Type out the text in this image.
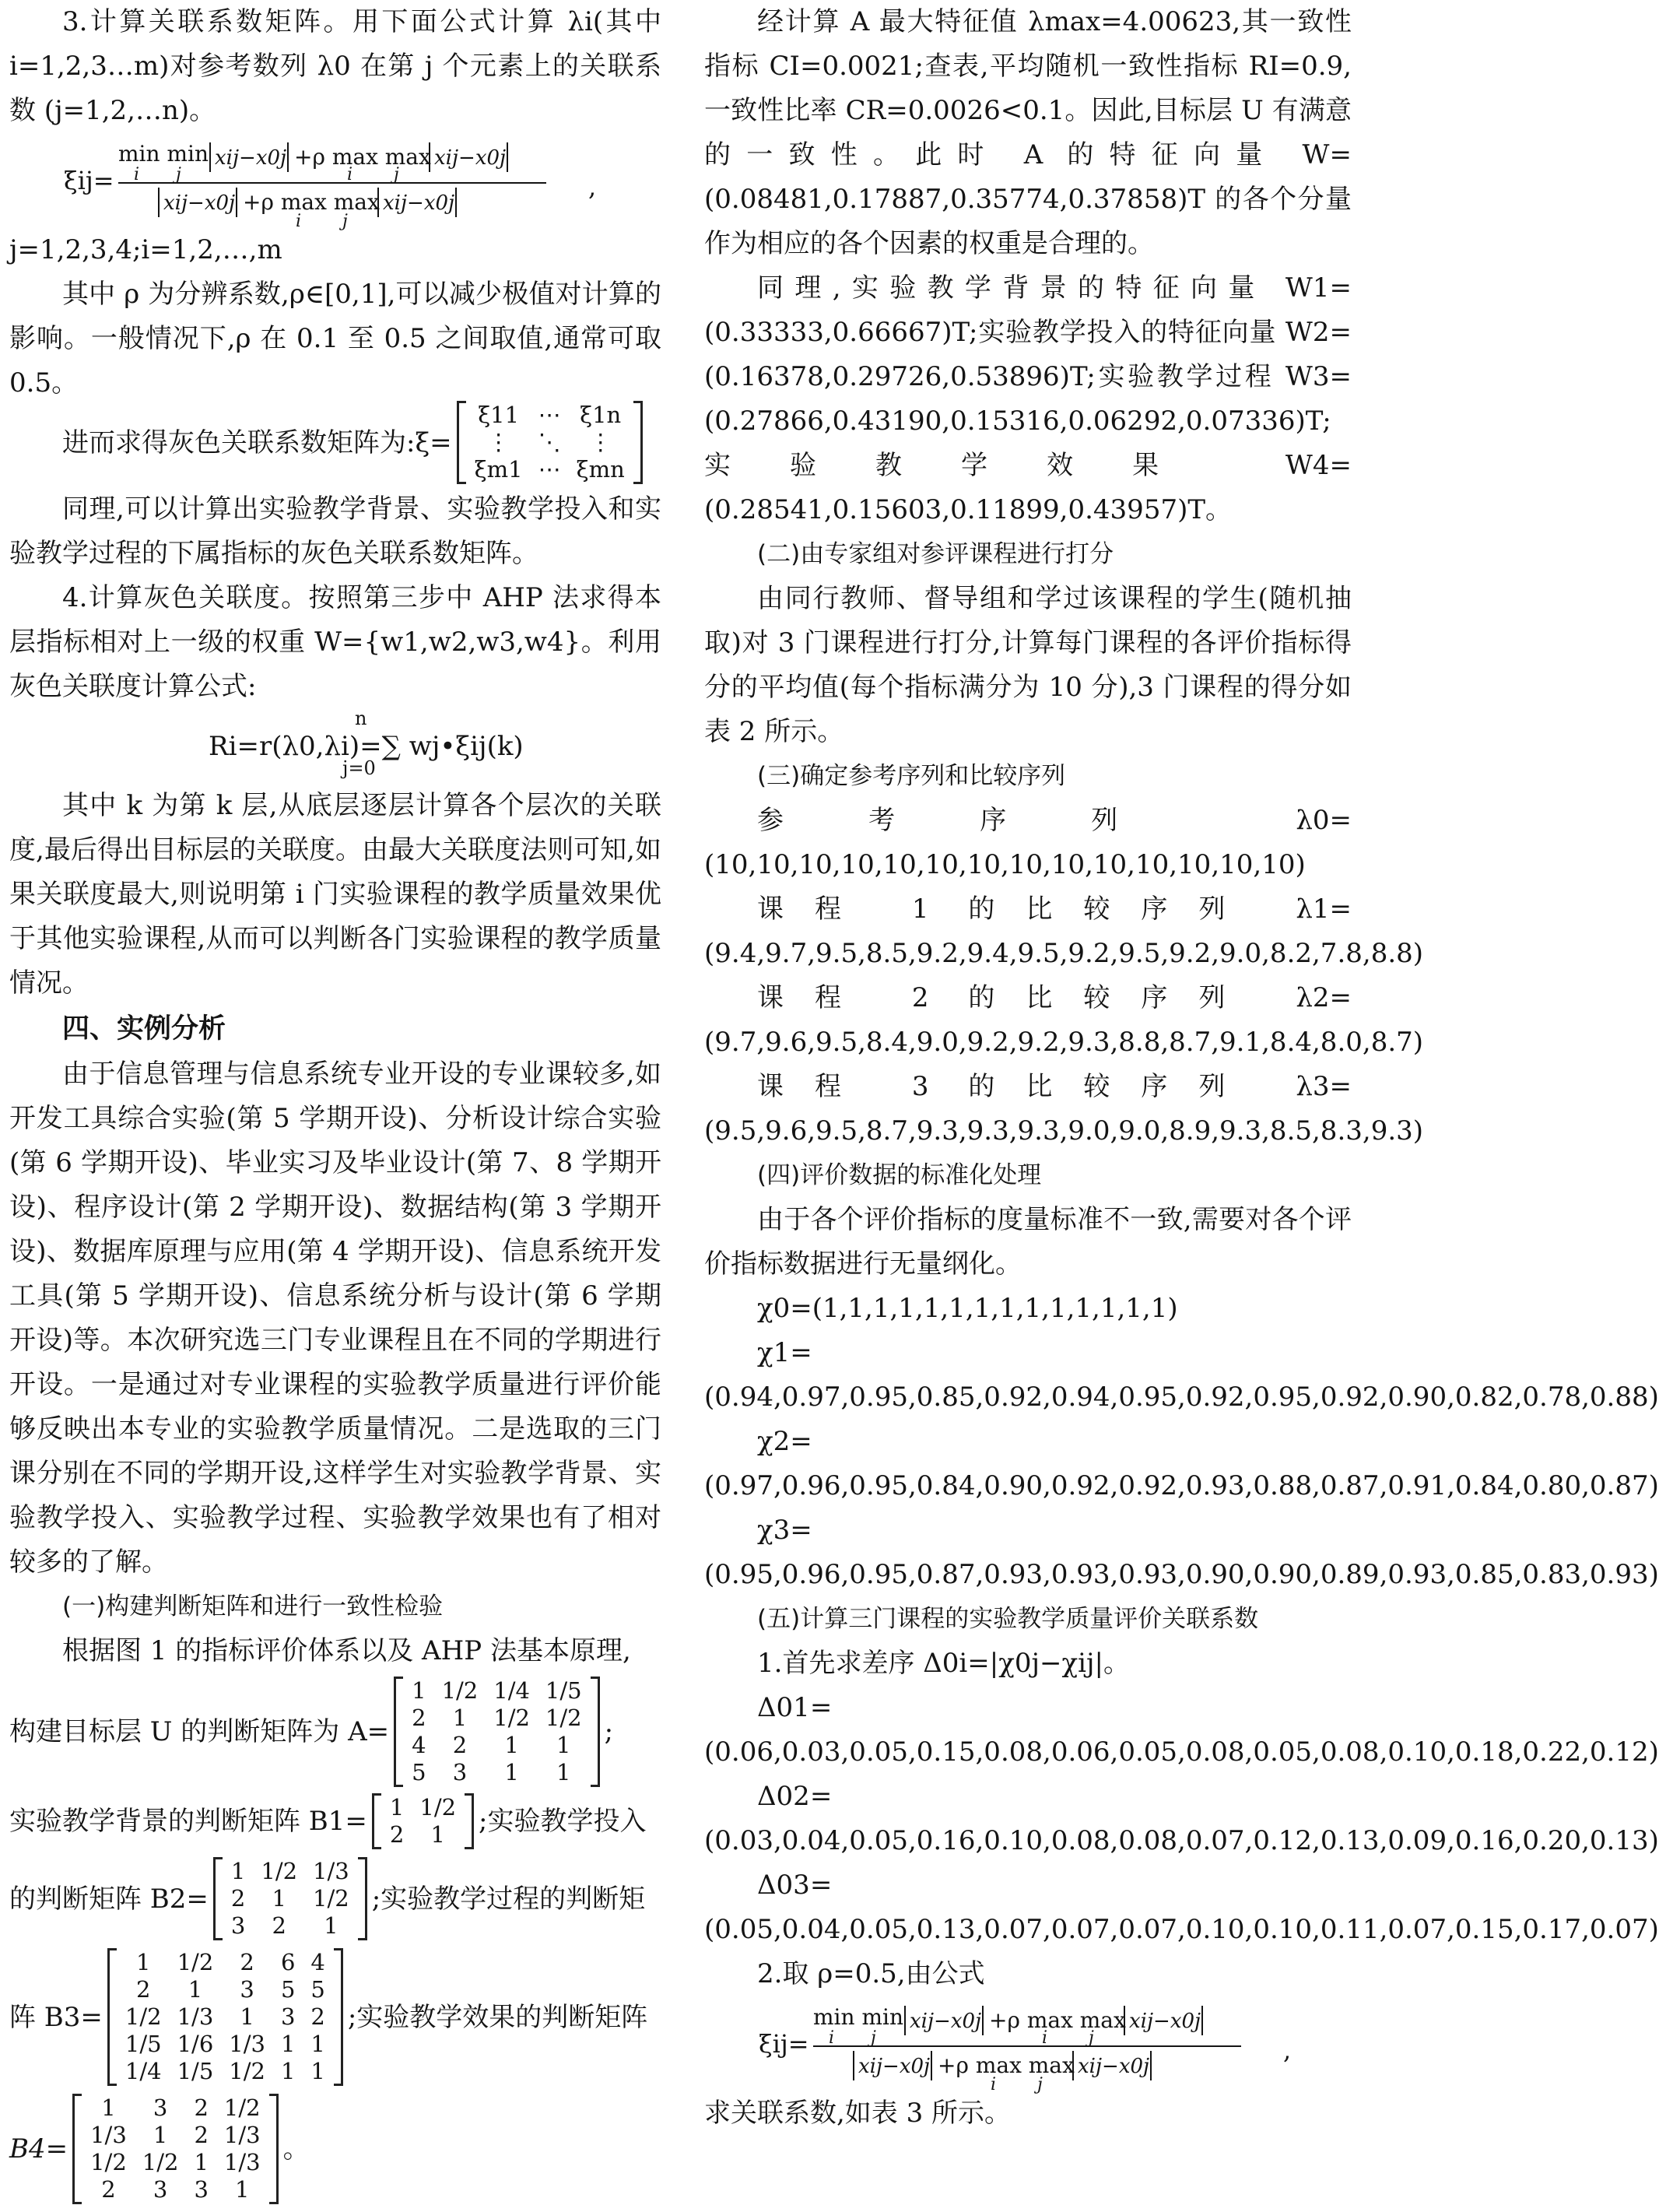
3.计算关联系数矩阵。用下面公式计算 λi(其中 i=1,2,3…m)对参考数列 λ0 在第 j 个元素上的关联系数 (j=1,2,…n)。

ξij=
min min
i j
xij−x0j +ρ max max
i j
xij−x0j
xij−x0j +ρ max max
i j
xij−x0j
,

j=1,2,3,4;i=1,2,…,m

其中 ρ 为分辨系数,ρ∈[0,1],可以减少极值对计算的影响。一般情况下,ρ 在 0.1 至 0.5 之间取值,通常可取 0.5。

进而求得灰色关联系数矩阵为:ξ=
ξ11	⋯	ξ1n
⋮	⋱	⋮
ξm1	⋯	ξmn

同理,可以计算出实验教学背景、实验教学投入和实验教学过程的下属指标的灰色关联系数矩阵。

4.计算灰色关联度。按照第三步中 AHP 法求得本层指标相对上一级的权重 W={w1,w2,w3,w4}。利用灰色关联度计算公式:

Ri=r(λ0,λi)=∑ wj•ξij(k)
n
j=0

其中 k 为第 k 层,从底层逐层计算各个层次的关联度,最后得出目标层的关联度。由最大关联度法则可知,如果关联度最大,则说明第 i 门实验课程的教学质量效果优于其他实验课程,从而可以判断各门实验课程的教学质量情况。

四、实例分析

由于信息管理与信息系统专业开设的专业课较多,如开发工具综合实验(第 5 学期开设)、分析设计综合实验(第 6 学期开设)、毕业实习及毕业设计(第 7、8 学期开设)、程序设计(第 2 学期开设)、数据结构(第 3 学期开设)、数据库原理与应用(第 4 学期开设)、信息系统开发工具(第 5 学期开设)、信息系统分析与设计(第 6 学期开设)等。本次研究选三门专业课程且在不同的学期进行开设。一是通过对专业课程的实验教学质量进行评价能够反映出本专业的实验教学质量情况。二是选取的三门课分别在不同的学期开设,这样学生对实验教学背景、实验教学投入、实验教学过程、实验教学效果也有了相对较多的了解。

(一)构建判断矩阵和进行一致性检验

根据图 1 的指标评价体系以及 AHP 法基本原理,

构建目标层 U 的判断矩阵为 A=
1	1/2	1/4	1/5
2	1	1/2	1/2
4	2	1	1
5	3	1	1
;
实验教学背景的判断矩阵 B1= 1	1/2
2	1 ;实验教学投入
的判断矩阵 B2=
1	1/2	1/3
2	1	1/2
3	2	1
;实验教学过程的判断矩
阵 B3=
1	1/2	2	6	4
2	1	3	5	5
1/2	1/3	1	3	2
1/5	1/6	1/3	1	1
1/4	1/5	1/2	1	1
;实验教学效果的判断矩阵
B4=
1	3	2	1/2
1/3	1	2	1/3
1/2	1/2	1	1/3
2	3	3	1
。

经计算 A 最大特征值 λmax=4.00623,其一致性指标 CI=0.0021;查表,平均随机一致性指标 RI=0.9,一致性比率 CR=0.0026<0.1。因此,目标层 U 有满意的一致性。此时 A 的特征向量 W=(0.08481,0.17887,0.35774,0.37858)T 的各个分量作为相应的各个因素的权重是合理的。

同理,实验教学背景的特征向量 W1=(0.33333,0.66667)T;实验教学投入的特征向量 W2=(0.16378,0.29726,0.53896)T;实验教学过程 W3=(0.27866,0.43190,0.15316,0.06292,0.07336)T;实验教学效果 W4=(0.28541,0.15603,0.11899,0.43957)T。

(二)由专家组对参评课程进行打分

由同行教师、督导组和学过该课程的学生(随机抽取)对 3 门课程进行打分,计算每门课程的各评价指标得分的平均值(每个指标满分为 10 分),3 门课程的得分如表 2 所示。

(三)确定参考序列和比较序列

参考序列 λ0=(10,10,10,10,10,10,10,10,10,10,10,10,10,10)

课程 1 的比较序列 λ1=(9.4,9.7,9.5,8.5,9.2,9.4,9.5,9.2,9.5,9.2,9.0,8.2,7.8,8.8)

课程 2 的比较序列 λ2=(9.7,9.6,9.5,8.4,9.0,9.2,9.2,9.3,8.8,8.7,9.1,8.4,8.0,8.7)

课程 3 的比较序列 λ3=(9.5,9.6,9.5,8.7,9.3,9.3,9.3,9.0,9.0,8.9,9.3,8.5,8.3,9.3)

(四)评价数据的标准化处理

由于各个评价指标的度量标准不一致,需要对各个评价指标数据进行无量纲化。

χ0=(1,1,1,1,1,1,1,1,1,1,1,1,1,1)

χ1=(0.94,0.97,0.95,0.85,0.92,0.94,0.95,0.92,0.95,0.92,0.90,0.82,0.78,0.88)

χ2=(0.97,0.96,0.95,0.84,0.90,0.92,0.92,0.93,0.88,0.87,0.91,0.84,0.80,0.87)

χ3=(0.95,0.96,0.95,0.87,0.93,0.93,0.93,0.90,0.90,0.89,0.93,0.85,0.83,0.93)

(五)计算三门课程的实验教学质量评价关联系数

1.首先求差序 Δ0i=|χ0j−χij|。

Δ01=(0.06,0.03,0.05,0.15,0.08,0.06,0.05,0.08,0.05,0.08,0.10,0.18,0.22,0.12)

Δ02=(0.03,0.04,0.05,0.16,0.10,0.08,0.08,0.07,0.12,0.13,0.09,0.16,0.20,0.13)

Δ03=(0.05,0.04,0.05,0.13,0.07,0.07,0.07,0.10,0.10,0.11,0.07,0.15,0.17,0.07)

2.取 ρ=0.5,由公式

ξij=
min min
i j
xij−x0j +ρ max max
i j
xij−x0j
xij−x0j +ρ max max
i j
xij−x0j
,

求关联系数,如表 3 所示。
